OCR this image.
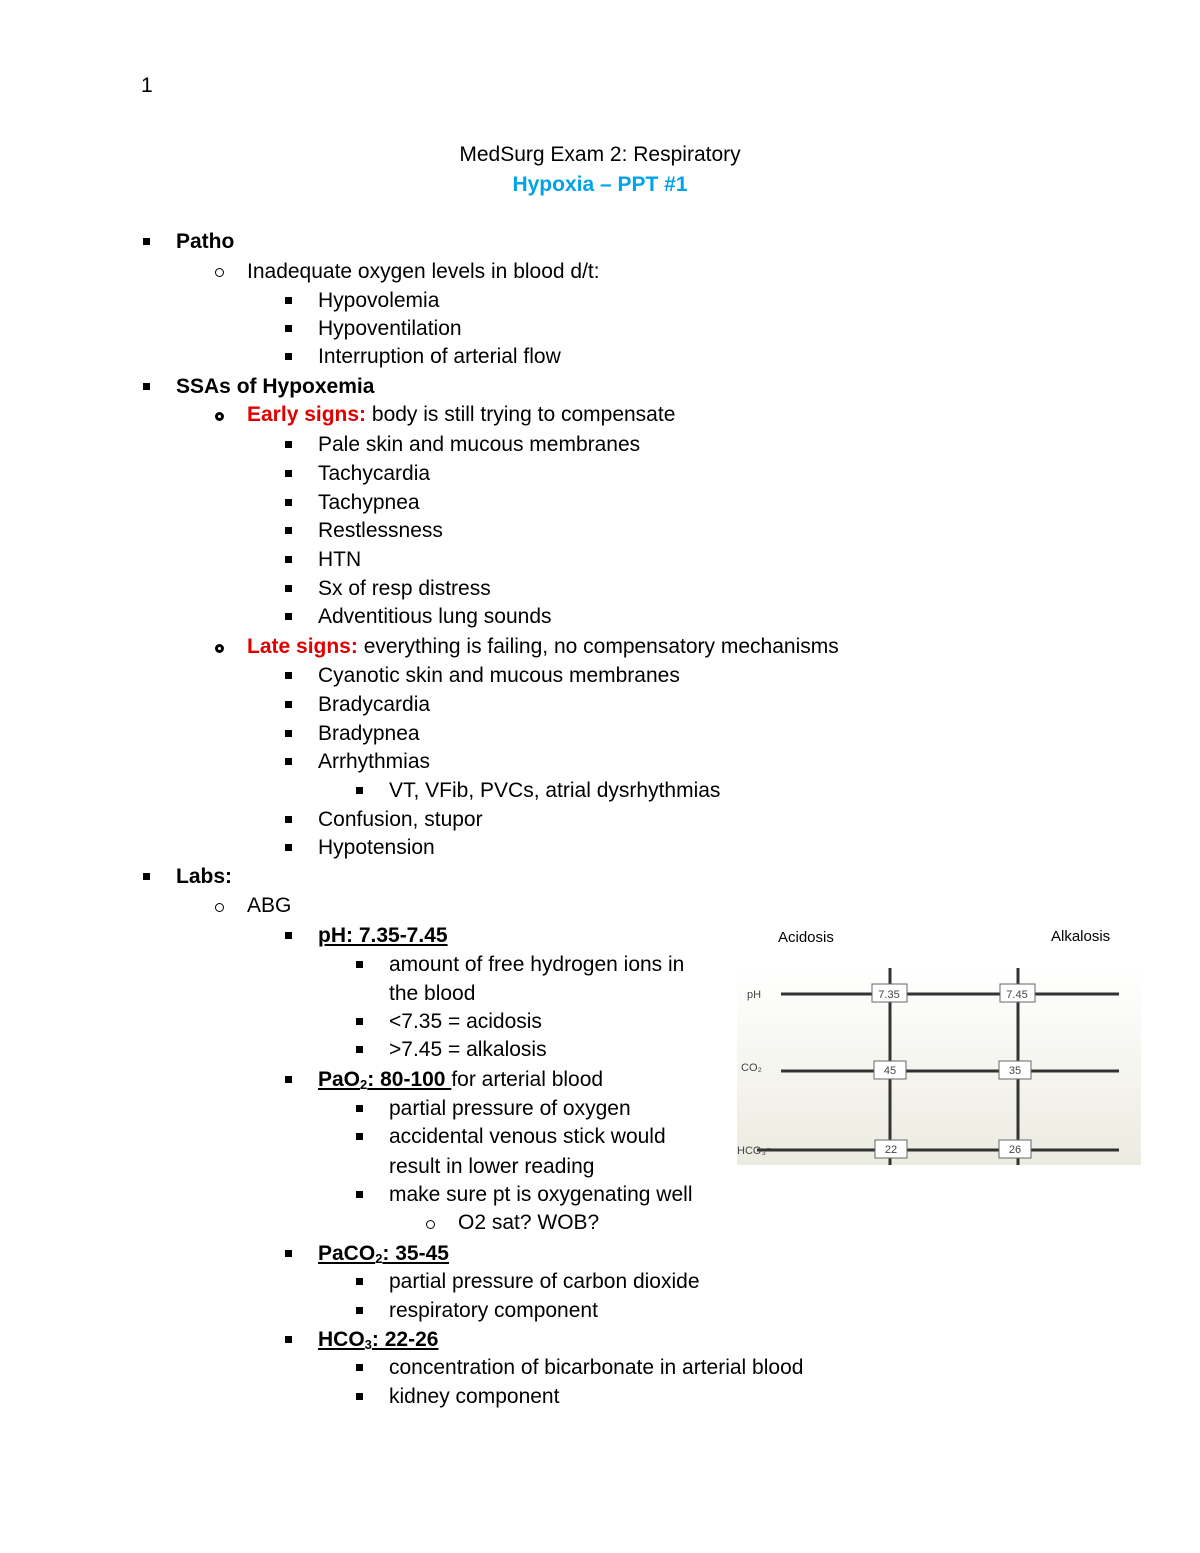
1
MedSurg Exam 2: Respiratory
Hypoxia – PPT #1
Patho
Inadequate oxygen levels in blood d/t:
Hypovolemia
Hypoventilation
Interruption of arterial flow
SSAs of Hypoxemia
Early signs: body is still trying to compensate
Pale skin and mucous membranes
Tachycardia
Tachypnea
Restlessness
HTN
Sx of resp distress
Adventitious lung sounds
Late signs: everything is failing, no compensatory mechanisms
Cyanotic skin and mucous membranes
Bradycardia
Bradypnea
Arrhythmias
VT, VFib, PVCs, atrial dysrhythmias
Confusion, stupor
Hypotension
Labs:
ABG
pH: 7.35-7.45
amount of free hydrogen ions in
the blood
<7.35 = acidosis
>7.45 = alkalosis
PaO$_2$: 80-100 for arterial blood
partial pressure of oxygen
accidental venous stick would
result in lower reading
make sure pt is oxygenating well
O2 sat? WOB?
PaCO$_2$: 35-45
partial pressure of carbon dioxide
respiratory component
$HCO_3$: 22-26
concentration of bicarbonate in arterial blood
kidney component
Acidosis	Alkalosis
pH
CO₂
HCO₃⁻
7.35	7.45
45	35
22	26
